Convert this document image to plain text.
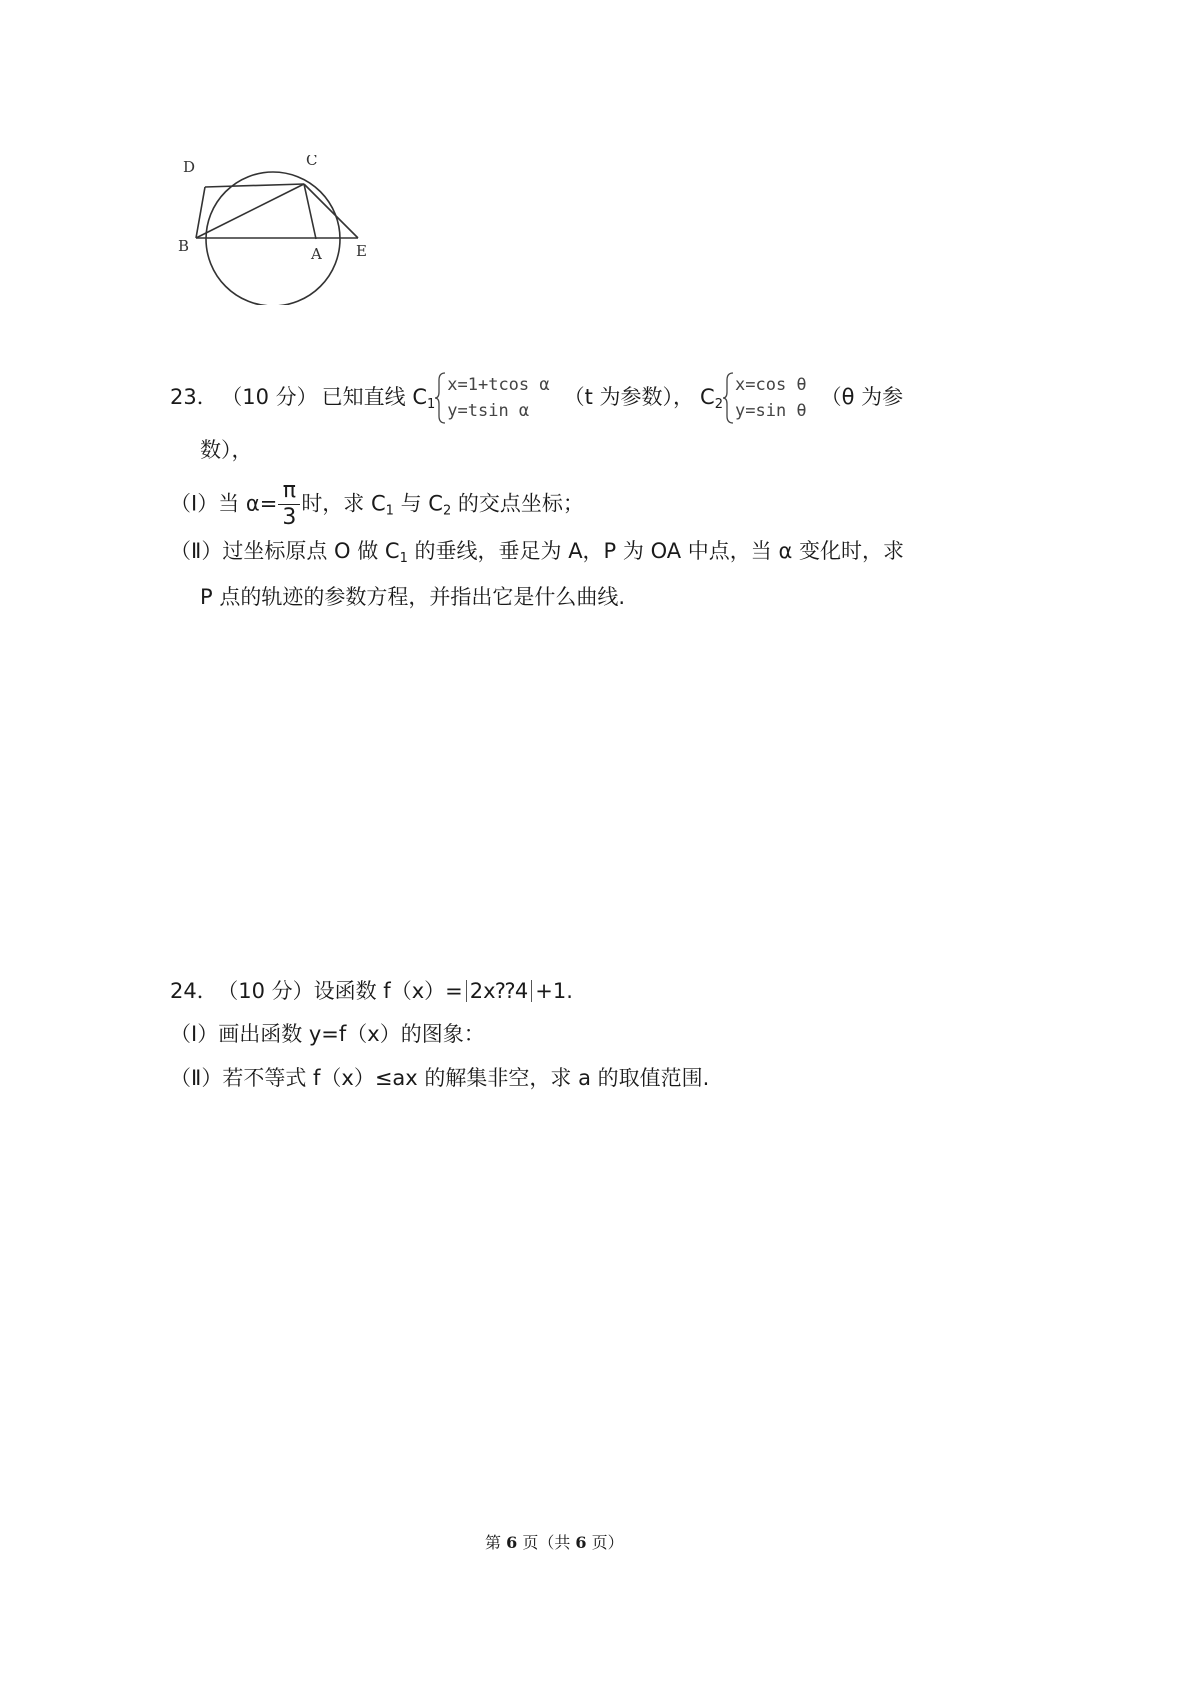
D	C
B	A E
23． （10 分） 已知直线 $C_1$
x=1+tcos α
y=tsin α
（t 为参数）， $C_2$
x=cos θ
y=sin θ
（θ 为参
数），
（Ⅰ）当 $\alpha= \frac{\pi}{3}$ 时，求 $C_1$ 与 $C_2$ 的交点坐标；
（Ⅱ）过坐标原点 O 做 $C_1$ 的垂线，垂足为 A，P 为 OA 中点，当 α 变化时，求
P 点的轨迹的参数方程，并指出它是什么曲线.
24． （10 分）设函数 f（x）= 2x⁇4 +1.
（Ⅰ）画出函数 y=f（x）的图象：
（Ⅱ）若不等式 f（x）≤ax 的解集非空，求 a 的取值范围.
第 6 页（共 6 页）
